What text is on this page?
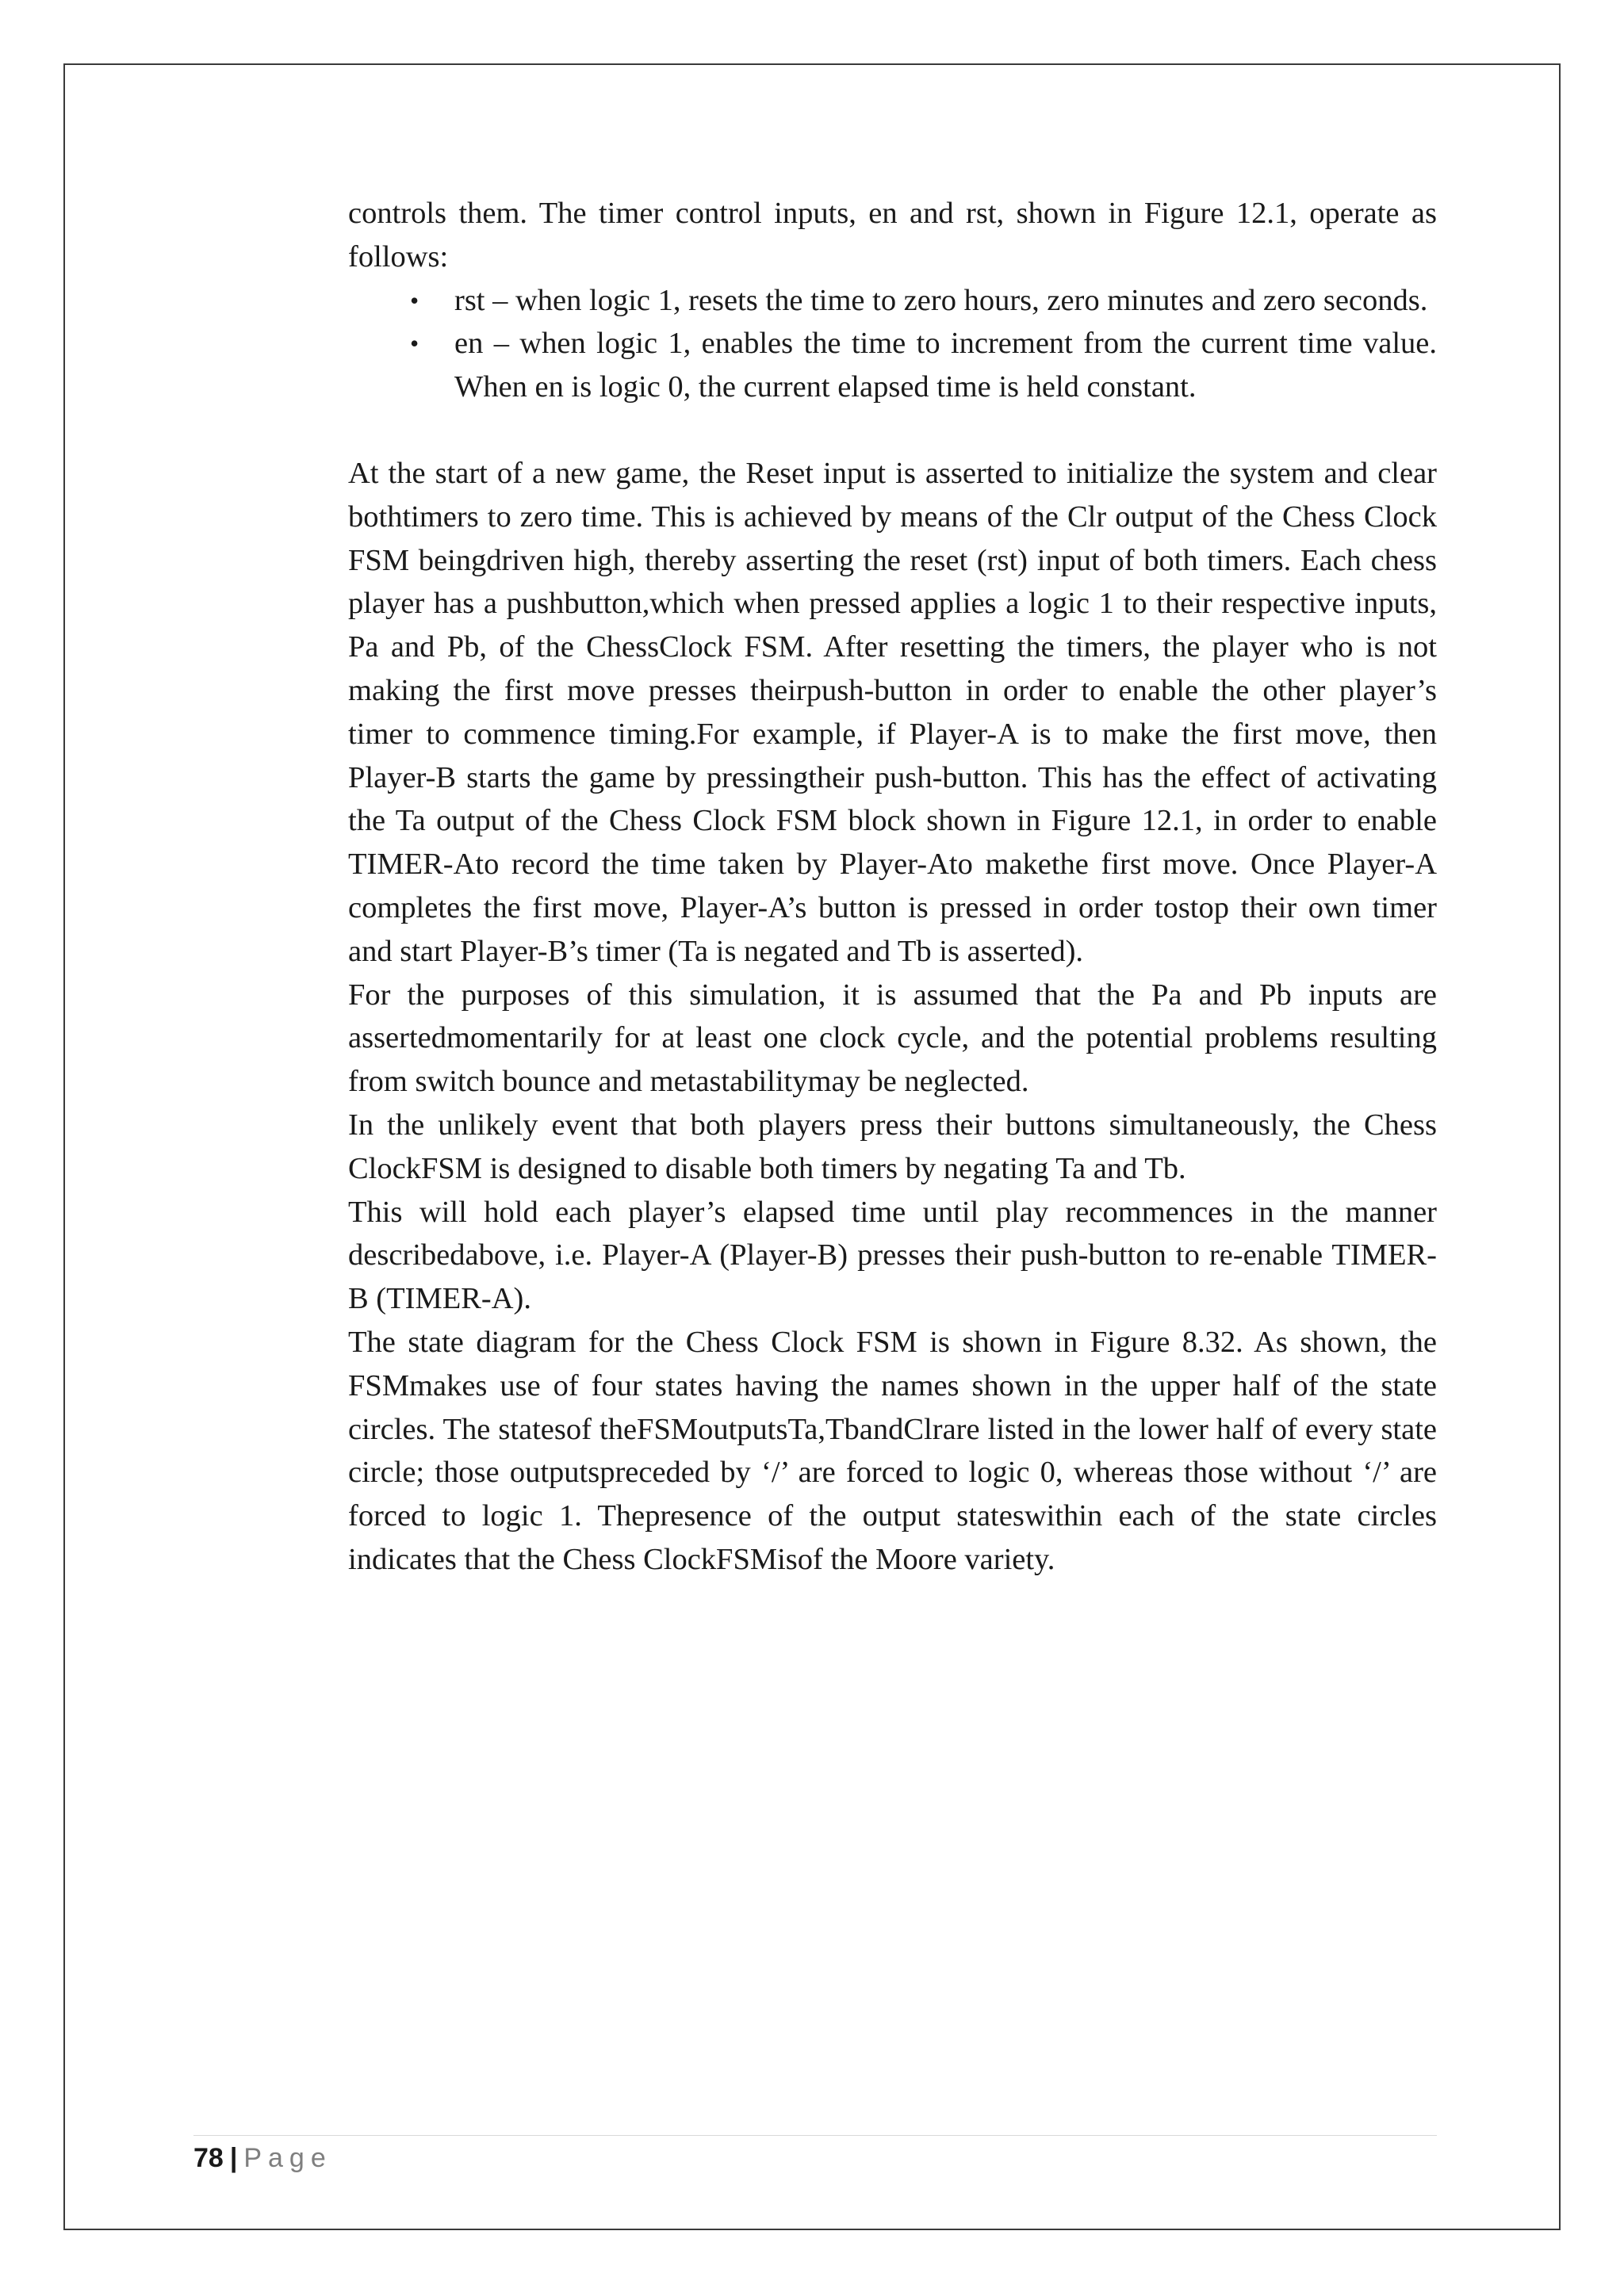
controls them. The timer control inputs, en and rst, shown in Figure 12.1, operate as follows:

• rst – when logic 1, resets the time to zero hours, zero minutes and zero seconds.
• en – when logic 1, enables the time to increment from the current time value. When en is logic 0, the current elapsed time is held constant.

At the start of a new game, the Reset input is asserted to initialize the system and clear bothtimers to zero time. This is achieved by means of the Clr output of the Chess Clock FSM beingdriven high, thereby asserting the reset (rst) input of both timers. Each chess player has a pushbutton,which when pressed applies a logic 1 to their respective inputs, Pa and Pb, of the ChessClock FSM. After resetting the timers, the player who is not making the first move presses theirpush-button in order to enable the other player’s timer to commence timing.For example, if Player-A is to make the first move, then Player-B starts the game by pressingtheir push-button. This has the effect of activating the Ta output of the Chess Clock FSM block shown in Figure 12.1, in order to enable TIMER-Ato record the time taken by Player-Ato makethe first move. Once Player-A completes the first move, Player-A’s button is pressed in order tostop their own timer and start Player-B’s timer (Ta is negated and Tb is asserted).

For the purposes of this simulation, it is assumed that the Pa and Pb inputs are assertedmomentarily for at least one clock cycle, and the potential problems resulting from switch bounce and metastabilitymay be neglected.

In the unlikely event that both players press their buttons simultaneously, the Chess ClockFSM is designed to disable both timers by negating Ta and Tb.

This will hold each player’s elapsed time until play recommences in the manner describedabove, i.e. Player-A (Player-B) presses their push-button to re-enable TIMER-B (TIMER-A).

The state diagram for the Chess Clock FSM is shown in Figure 8.32. As shown, the FSMmakes use of four states having the names shown in the upper half of the state circles. The statesof theFSMoutputsTa,TbandClrare listed in the lower half of every state circle; those outputspreceded by ‘/’ are forced to logic 0, whereas those without ‘/’ are forced to logic 1. Thepresence of the output stateswithin each of the state circles indicates that the Chess ClockFSMisof the Moore variety.

78 | Page
